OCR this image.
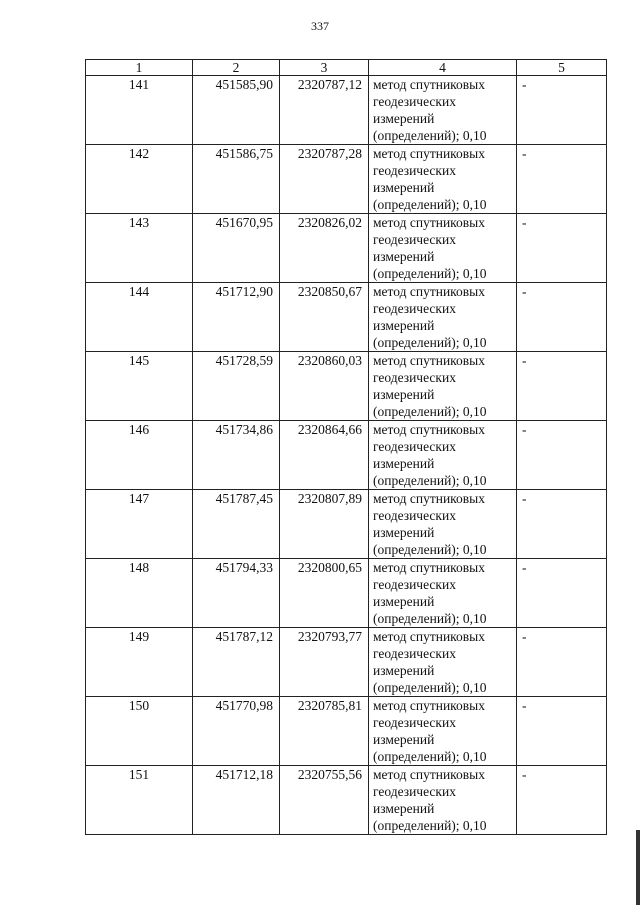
337
1	2	3	4	5
141	451585,90	2320787,12	метод спутниковых геодезических измерений (определений); 0,10	-
142	451586,75	2320787,28	метод спутниковых геодезических измерений (определений); 0,10	-
143	451670,95	2320826,02	метод спутниковых геодезических измерений (определений); 0,10	-
144	451712,90	2320850,67	метод спутниковых геодезических измерений (определений); 0,10	-
145	451728,59	2320860,03	метод спутниковых геодезических измерений (определений); 0,10	-
146	451734,86	2320864,66	метод спутниковых геодезических измерений (определений); 0,10	-
147	451787,45	2320807,89	метод спутниковых геодезических измерений (определений); 0,10	-
148	451794,33	2320800,65	метод спутниковых геодезических измерений (определений); 0,10	-
149	451787,12	2320793,77	метод спутниковых геодезических измерений (определений); 0,10	-
150	451770,98	2320785,81	метод спутниковых геодезических измерений (определений); 0,10	-
151	451712,18	2320755,56	метод спутниковых геодезических измерений (определений); 0,10	-
